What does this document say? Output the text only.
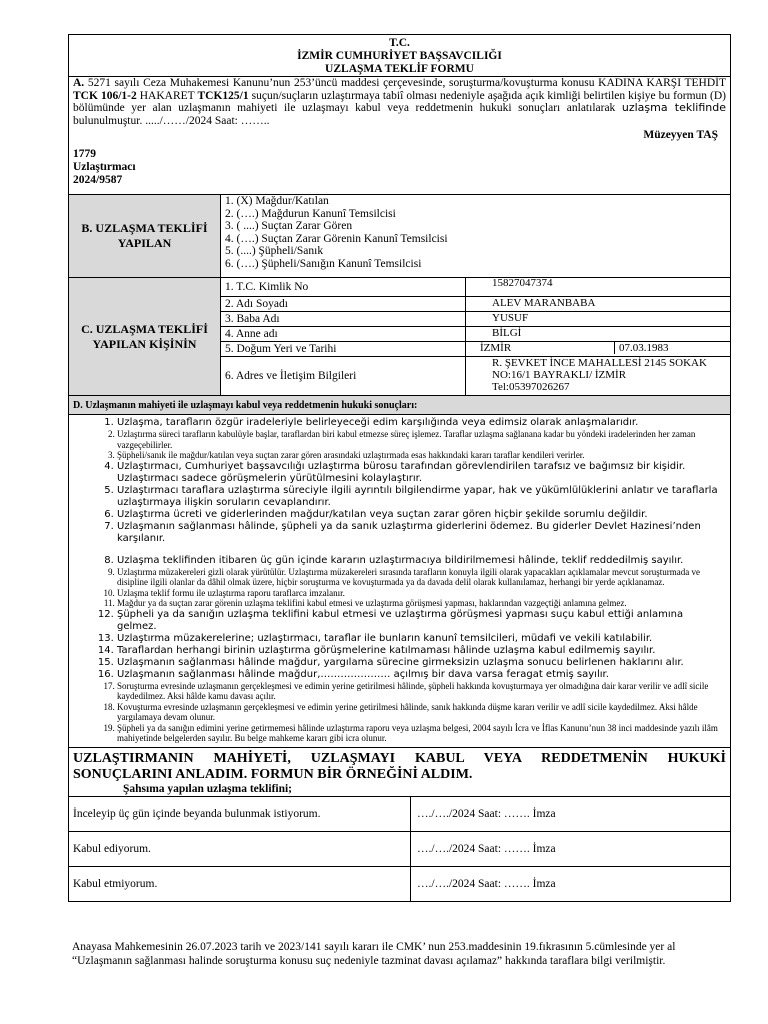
T.C.
İZMİR CUMHURİYET BAŞSAVCILIĞI
UZLAŞMA TEKLİF FORMU

A. 5271 sayılı Ceza Muhakemesi Kanunu’nun 253’üncü maddesi çerçevesinde, soruşturma/kovuşturma konusu KADINA KARŞI TEHDİT TCK 106/1-2 HAKARET TCK125/1 suçun/suçların uzlaştırmaya tabiî olması nedeniyle aşağıda açık kimliği belirtilen kişiye bu formun (D) bölümünde yer alan uzlaşmanın mahiyeti ile uzlaşmayı kabul veya reddetmenin hukuki sonuçları anlatılarak uzlaşma teklifinde bulunulmuştur. ...../……/2024 Saat: ……..
Müzeyyen TAŞ
1779
Uzlaştırmacı
2024/9587

B. UZLAŞMA TEKLİFİ YAPILAN	
1. (X) Mağdur/Katılan
2. (….) Mağdurun Kanunî Temsilcisi
3. ( ....) Suçtan Zarar Gören
4. (….) Suçtan Zarar Görenin Kanunî Temsilcisi
5. (....) Şüpheli/Sanık
6. (….) Şüpheli/Sanığın Kanunî Temsilcisi

C. UZLAŞMA TEKLİFİ YAPILAN KİŞİNİN	1. T.C. Kimlik No	15827047374
2. Adı Soyadı	ALEV MARANBABA
3. Baba Adı	YUSUF
4. Anne adı	BİLGİ
5. Doğum Yeri ve Tarihi		İZMİR	07.03.1983

6. Adres ve İletişim Bilgileri	
R. ŞEVKET İNCE MAHALLESİ 2145 SOKAK
NO:16/1 BAYRAKLI/ İZMİR
Tel:05397026267

D. Uzlaşmanın mahiyeti ile uzlaşmayı kabul veya reddetmenin hukuki sonuçları:

1. Uzlaşma, tarafların özgür iradeleriyle belirleyeceği edim karşılığında veya edimsiz olarak anlaşmalarıdır.
2. Uzlaştırma süreci tarafların kabulüyle başlar, taraflardan biri kabul etmezse süreç işlemez. Taraflar uzlaşma sağlanana kadar bu yöndeki iradelerinden her zaman vazgeçebilirler.
3. Şüpheli/sanık ile mağdur/katılan veya suçtan zarar gören arasındaki uzlaştırmada esas hakkındaki kararı taraflar kendileri verirler.
4. Uzlaştırmacı, Cumhuriyet başsavcılığı uzlaştırma bürosu tarafından görevlendirilen tarafsız ve bağımsız bir kişidir. Uzlaştırmacı sadece görüşmelerin yürütülmesini kolaylaştırır.
5. Uzlaştırmacı taraflara uzlaştırma süreciyle ilgili ayrıntılı bilgilendirme yapar, hak ve yükümlülüklerini anlatır ve taraflarla uzlaştırmaya ilişkin soruların cevaplandırır.
6. Uzlaştırma ücreti ve giderlerinden mağdur/katılan veya suçtan zarar gören hiçbir şekilde sorumlu değildir.
7. Uzlaşmanın sağlanması hâlinde, şüpheli ya da sanık uzlaştırma giderlerini ödemez. Bu giderler Devlet Hazinesi’nden karşılanır.
8. Uzlaşma teklifinden itibaren üç gün içinde kararın uzlaştırmacıya bildirilmemesi hâlinde, teklif reddedilmiş sayılır.
9. Uzlaştırma müzakereleri gizli olarak yürütülür. Uzlaştırma müzakereleri sırasında tarafların konuyla ilgili olarak yapacakları açıklamalar mevcut soruşturmada ve disipline ilgili olanlar da dâhil olmak üzere, hiçbir soruşturma ve kovuşturmada ya da davada delil olarak kullanılamaz, herhangi bir yerde açıklanamaz.
10. Uzlaşma teklif formu ile uzlaştırma raporu taraflarca imzalanır.
11. Mağdur ya da suçtan zarar görenin uzlaşma teklifini kabul etmesi ve uzlaştırma görüşmesi yapması, haklarından vazgeçtiği anlamına gelmez.
12. Şüpheli ya da sanığın uzlaşma teklifini kabul etmesi ve uzlaştırma görüşmesi yapması suçu kabul ettiği anlamına gelmez.
13. Uzlaştırma müzakerelerine; uzlaştırmacı, taraflar ile bunların kanunî temsilcileri, müdafi ve vekili katılabilir.
14. Taraflardan herhangi birinin uzlaştırma görüşmelerine katılmaması hâlinde uzlaşma kabul edilmemiş sayılır.
15. Uzlaşmanın sağlanması hâlinde mağdur, yargılama sürecine girmeksizin uzlaşma sonucu belirlenen haklarını alır.
16. Uzlaşmanın sağlanması hâlinde mağdur,………………… açılmış bir dava varsa feragat etmiş sayılır.
17. Soruşturma evresinde uzlaşmanın gerçekleşmesi ve edimin yerine getirilmesi hâlinde, şüpheli hakkında kovuşturmaya yer olmadığına dair karar verilir ve adlî sicile kaydedilmez. Aksi hâlde kamu davası açılır.
18. Kovuşturma evresinde uzlaşmanın gerçekleşmesi ve edimin yerine getirilmesi hâlinde, sanık hakkında düşme kararı verilir ve adlî sicile kaydedilmez. Aksi hâlde yargılamaya devam olunur.
19. Şüpheli ya da sanığın edimini yerine getirmemesi hâlinde uzlaştırma raporu veya uzlaşma belgesi, 2004 sayılı İcra ve İflas Kanunu’nun 38 inci maddesinde yazılı ilâm mahiyetinde belgelerden sayılır. Bu belge mahkeme kararı gibi icra olunur.

UZLAŞTIRMANIN MAHİYETİ, UZLAŞMAYI KABUL VEYA REDDETMENİN HUKUKİ SONUÇLARINI ANLADIM. FORMUN BİR ÖRNEĞİNİ ALDIM.
Şahsıma yapılan uzlaşma teklifini;
İnceleyip üç gün içinde beyanda bulunmak istiyorum.	…./…./2024 Saat: ……. İmza
Kabul ediyorum.	…./…./2024 Saat: ……. İmza
Kabul etmiyorum.	…./…./2024 Saat: ……. İmza
Anayasa Mahkemesinin 26.07.2023 tarih ve 2023/141 sayılı kararı ile CMK’ nun 253.maddesinin 19.fıkrasının 5.cümlesinde yer al
“Uzlaşmanın sağlanması halinde soruşturma konusu suç nedeniyle tazminat davası açılamaz” hakkında taraflara bilgi verilmiştir.
